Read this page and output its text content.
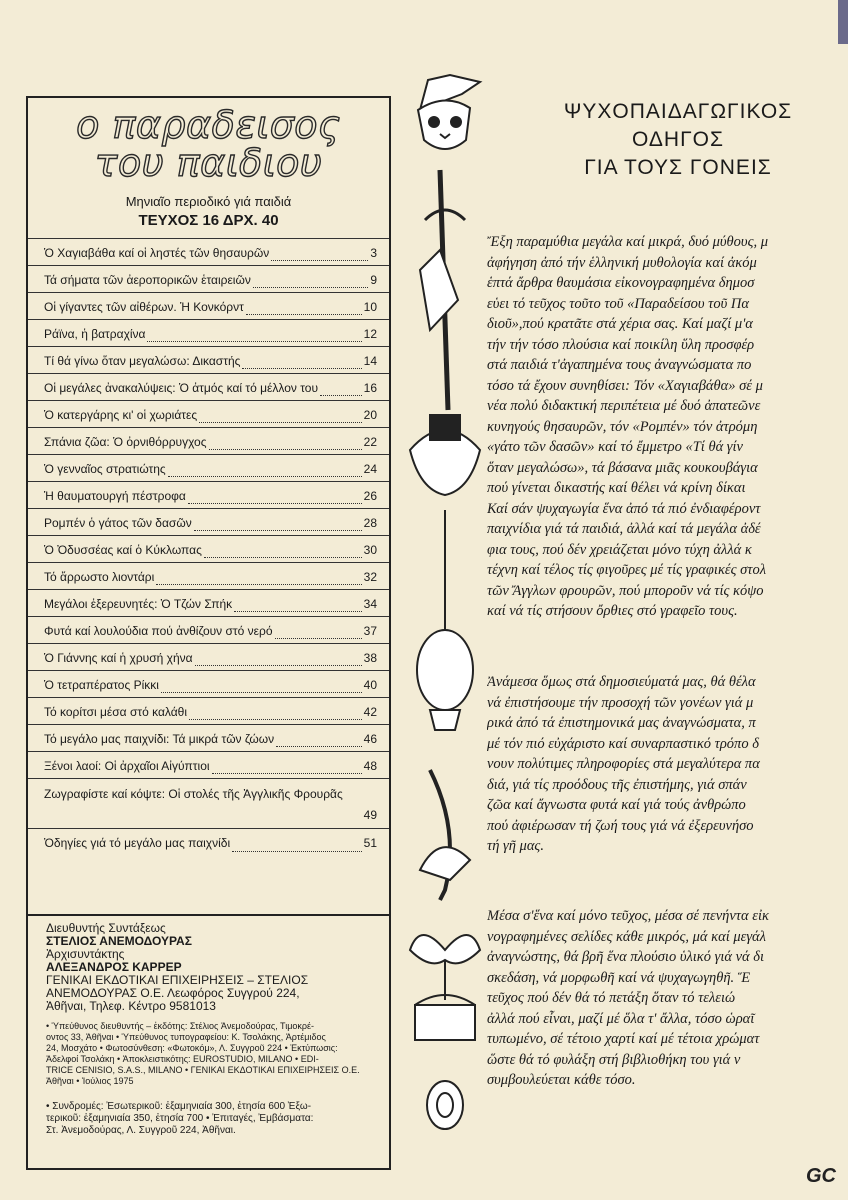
ο παραδεισος
του παιδιου
Μηνιαῖο περιοδικό γιά παιδιά
ΤΕΥΧΟΣ 16 ΔΡΧ. 40
Ὁ Χαγιαβάθα καί οἱ ληστές τῶν θησαυρῶν	3
Τά σήματα τῶν ἀεροπορικῶν ἑταιρειῶν	9
Οἱ γίγαντες τῶν αἰθέρων. Ἡ Κονκόρντ	10
Ράϊνα, ἡ βατραχίνα	12
Τί θά γίνω ὅταν μεγαλώσω: Δικαστής	14
Οἱ μεγάλες ἀνακαλύψεις: Ὁ ἀτμός καί τό μέλλον του	16
Ὁ κατεργάρης κι' οἱ χωριάτες	20
Σπάνια ζῶα: Ὁ ὀρνιθόρρυγχος	22
Ὁ γενναῖος στρατιώτης	24
Ἡ θαυματουργή πέστροφα	26
Ρομπέν ὁ γάτος τῶν δασῶν	28
Ὁ Ὀδυσσέας καί ὁ Κύκλωπας	30
Τό ἄρρωστο λιοντάρι	32
Μεγάλοι ἐξερευνητές: Ὁ Τζών Σπήκ	34
Φυτά καί λουλούδια πού ἀνθίζουν στό νερό	37
Ὁ Γιάννης καί ἡ χρυσή χήνα	38
Ὁ τετραπέρατος Ρίκκι	40
Τό κορίτσι μέσα στό καλάθι	42
Τό μεγάλο μας παιχνίδι: Τά μικρά τῶν ζώων	46
Ξένοι λαοί: Οἱ ἀρχαῖοι Αἰγύπτιοι	48
Ζωγραφίστε καί κόψτε: Οἱ στολές τῆς Ἀγγλικῆς Φρουρᾶς
49
Ὀδηγίες γιά τό μεγάλο μας παιχνίδι	51
Διευθυντής Συντάξεως
ΣΤΕΛΙΟΣ ΑΝΕΜΟΔΟΥΡΑΣ
Ἀρχισυντάκτης
ΑΛΕΞΑΝΔΡΟΣ ΚΑΡΡΕΡ
ΓΕΝΙΚΑΙ ΕΚΔΟΤΙΚΑΙ ΕΠΙΧΕΙΡΗΣΕΙΣ – ΣΤΕΛΙΟΣ
ΑΝΕΜΟΔΟΥΡΑΣ Ο.Ε. Λεωφόρος Συγγρού 224,
Ἀθῆναι, Τηλεφ. Κέντρο 9581013
• Ὑπεύθυνος διευθυντής – ἐκδότης: Στέλιος Ἀνεμοδούρας, Τιμοκρέ-
οντος 33, Ἀθῆναι • Ὑπεύθυνος τυπογραφείου: Κ. Τσολάκης, Ἀρτέμιδος
24, Μοσχάτο • Φωτοσύνθεση: «Φωτοκόμ», Λ. Συγγροῦ 224 • Ἐκτύπωσις:
Ἀδελφοί Τσολάκη • Ἀποκλειστικότης: EUROSTUDIO, MILANO • EDI-
TRICE CENISIO, S.A.S., MILANO • ΓΕΝΙΚΑΙ ΕΚΔΟΤΙΚΑΙ ΕΠΙΧΕΙΡΗΣΕΙΣ Ο.Ε.
Ἀθῆναι • Ἰούλιος 1975
• Συνδρομές: Ἐσωτερικοῦ: ἑξαμηνιαία 300, ἐτησία 600 Ἐξω-
τερικοῦ: ἑξαμηνιαία 350, ἐτησία 700 • Ἐπιταγές, Ἐμβάσματα:
Στ. Ἀνεμοδούρας, Λ. Συγγροῦ 224, Ἀθῆναι.
ΨΥΧΟΠΑΙΔΑΓΩΓΙΚΟΣ
ΟΔΗΓΟΣ
ΓΙΑ ΤΟΥΣ ΓΟΝΕΙΣ
Ἔξη παραμύθια μεγάλα καί μικρά, δυό μύθους, μ
ἀφήγηση ἀπό τήν ἑλληνική μυθολογία καί ἀκόμ
ἑπτά ἄρθρα θαυμάσια εἰκονογραφημένα δημοσ
εὑει τό τεῦχος τοῦτο τοῦ «Παραδείσου τοῦ Πα
διοῦ»,πού κρατᾶτε στά χέρια σας. Καί μαζί μ'α
τήν τήν τόσο πλούσια καί ποικίλη ὕλη προσφέρ
στά παιδιά τ'ἀγαπημένα τους ἀναγνώσματα πο
τόσο τά ἔχουν συνηθίσει: Τόν «Χαγιαβάθα» σέ μ
νέα πολύ διδακτική περιπέτεια μέ δυό ἀπατεῶνε
κυνηγούς θησαυρῶν, τόν «Ρομπέν» τόν ἀτρόμη
«γάτο τῶν δασῶν» καί τό ἔμμετρο «Τί θά γίν
ὅταν μεγαλώσω», τά βάσανα μιᾶς κουκουβάγια
πού γίνεται δικαστής καί θέλει νά κρίνη δίκαι
Καί σάν ψυχαγωγία ἕνα ἀπό τά πιό ἐνδιαφέροντ
παιχνίδια γιά τά παιδιά, ἀλλά καί τά μεγάλα ἀδέ
φια τους, πού δέν χρειάζεται μόνο τύχη ἀλλά κ
τέχνη καί τέλος τίς φιγοῦρες μέ τίς γραφικές στολ
τῶν Ἄγγλων φρουρῶν, πού μποροῦν νά τίς κόψο
καί νά τίς στήσουν ὄρθιες στό γραφεῖο τους.
Ἀνάμεσα ὅμως στά δημοσιεύματά μας, θά θέλα
νά ἐπιστήσουμε τήν προσοχή τῶν γονέων γιά μ
ρικά ἀπό τά ἐπιστημονικά μας ἀναγνώσματα, π
μέ τόν πιό εὐχάριστο καί συναρπαστικό τρόπο δ
νουν πολύτιμες πληροφορίες στά μεγαλύτερα πα
διά, γιά τίς προόδους τῆς ἐπιστήμης, γιά σπάν
ζῶα καί ἄγνωστα φυτά καί γιά τούς ἀνθρώπο
πού ἀφιέρωσαν τή ζωή τους γιά νά ἐξερευνήσο
τή γῆ μας.
Μέσα σ'ἕνα καί μόνο τεῦχος, μέσα σέ πενήντα εἰκ
νογραφημένες σελίδες κάθε μικρός, μά καί μεγάλ
ἀναγνώστης, θά βρῆ ἕνα πλούσιο ὑλικό γιά νά δι
σκεδάση, νά μορφωθῆ καί νά ψυχαγωγηθῆ. Ἕ
τεῦχος πού δέν θά τό πετάξη ὅταν τό τελειώ
ἀλλά πού εἶναι, μαζί μέ ὅλα τ' ἄλλα, τόσο ὡραῖ
τυπωμένο, σέ τέτοιο χαρτί καί μέ τέτοια χρώματ
ὥστε θά τό φυλάξη στή βιβλιοθήκη του γιά ν
συμβουλεύεται κάθε τόσο.
GC
